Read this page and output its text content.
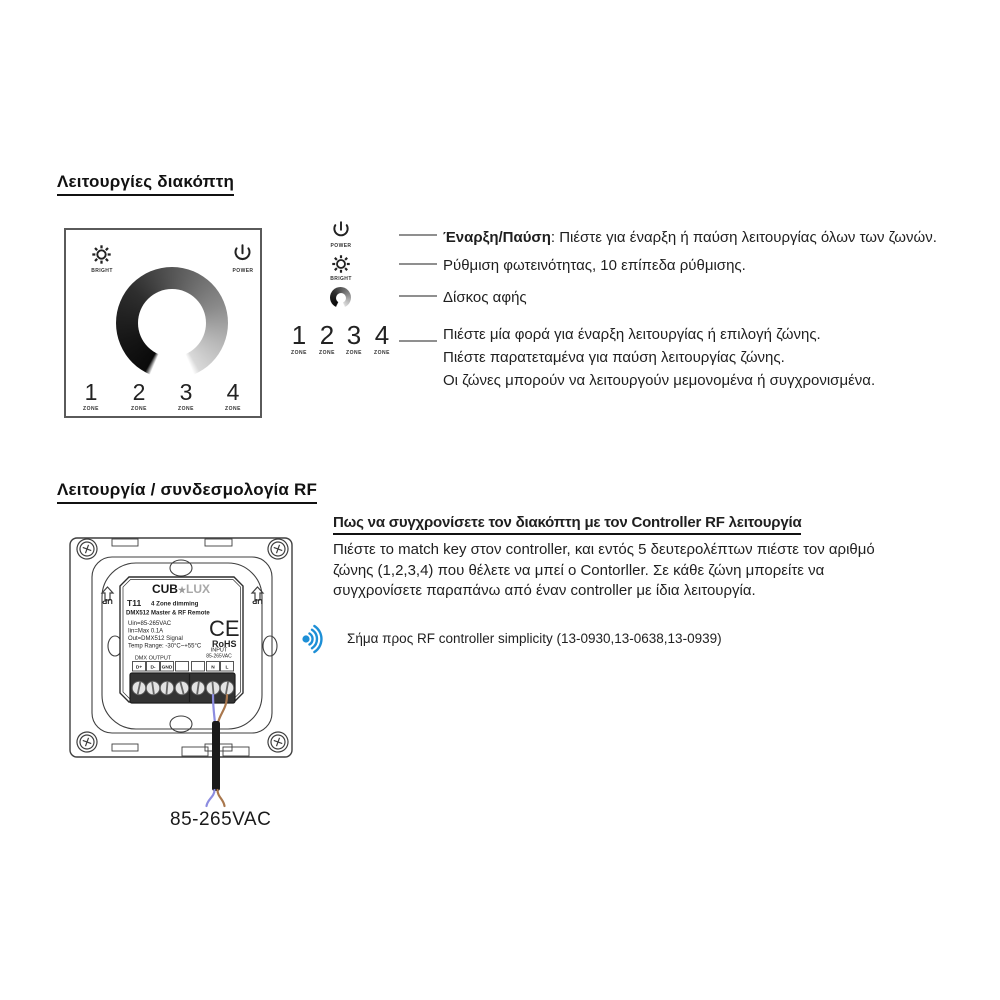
Λειτουργίες διακόπτη
BRIGHT	POWER
1
ZONE
2
ZONE
3
ZONE
4
ZONE
POWER
BRIGHT
1
ZONE
2
ZONE
3
ZONE
4
ZONE
Έναρξη/Παύση: Πιέστε για έναρξη ή παύση λειτουργίας όλων των ζωνών.
Ρύθμιση φωτεινότητας, 10 επίπεδα ρύθμισης.
Δίσκος αφής
Πιέστε μία φορά για έναρξη λειτουργίας ή επιλογή ζώνης.
Πιέστε παρατεταμένα για παύση λειτουργίας ζώνης.
Οι ζώνες μπορούν να λειτουργούν μεμονομένα ή συγχρονισμένα.
Λειτουργία / συνδεσμολογία RF
UP	UP
CUB★LUX
T11 4 Zone dimming
DMX512 Master & RF Remote
Uin=85-265VAC
Iin=Max 0.1A
Out=DMX512 Signal
Temp Range: -30°C~+55°C
CE
RoHS
DMX OUTPUT
INPUT
85-265VAC
D+ D- GND	N L
85-265VAC
Πως να συγχρονίσετε τον διακόπτη με τον Controller RF λειτουργία
Πιέστε το match key στον controller, και εντός 5 δευτερολέπτων πιέστε τον αριθμό
ζώνης (1,2,3,4) που θέλετε να μπεί ο Contorller. Σε κάθε ζώνη μπορείτε να
συγχρονίσετε παραπάνω από έναν controller με ίδια λειτουργία.
Σήμα προς RF controller simplicity (13-0930,13-0638,13-0939)
